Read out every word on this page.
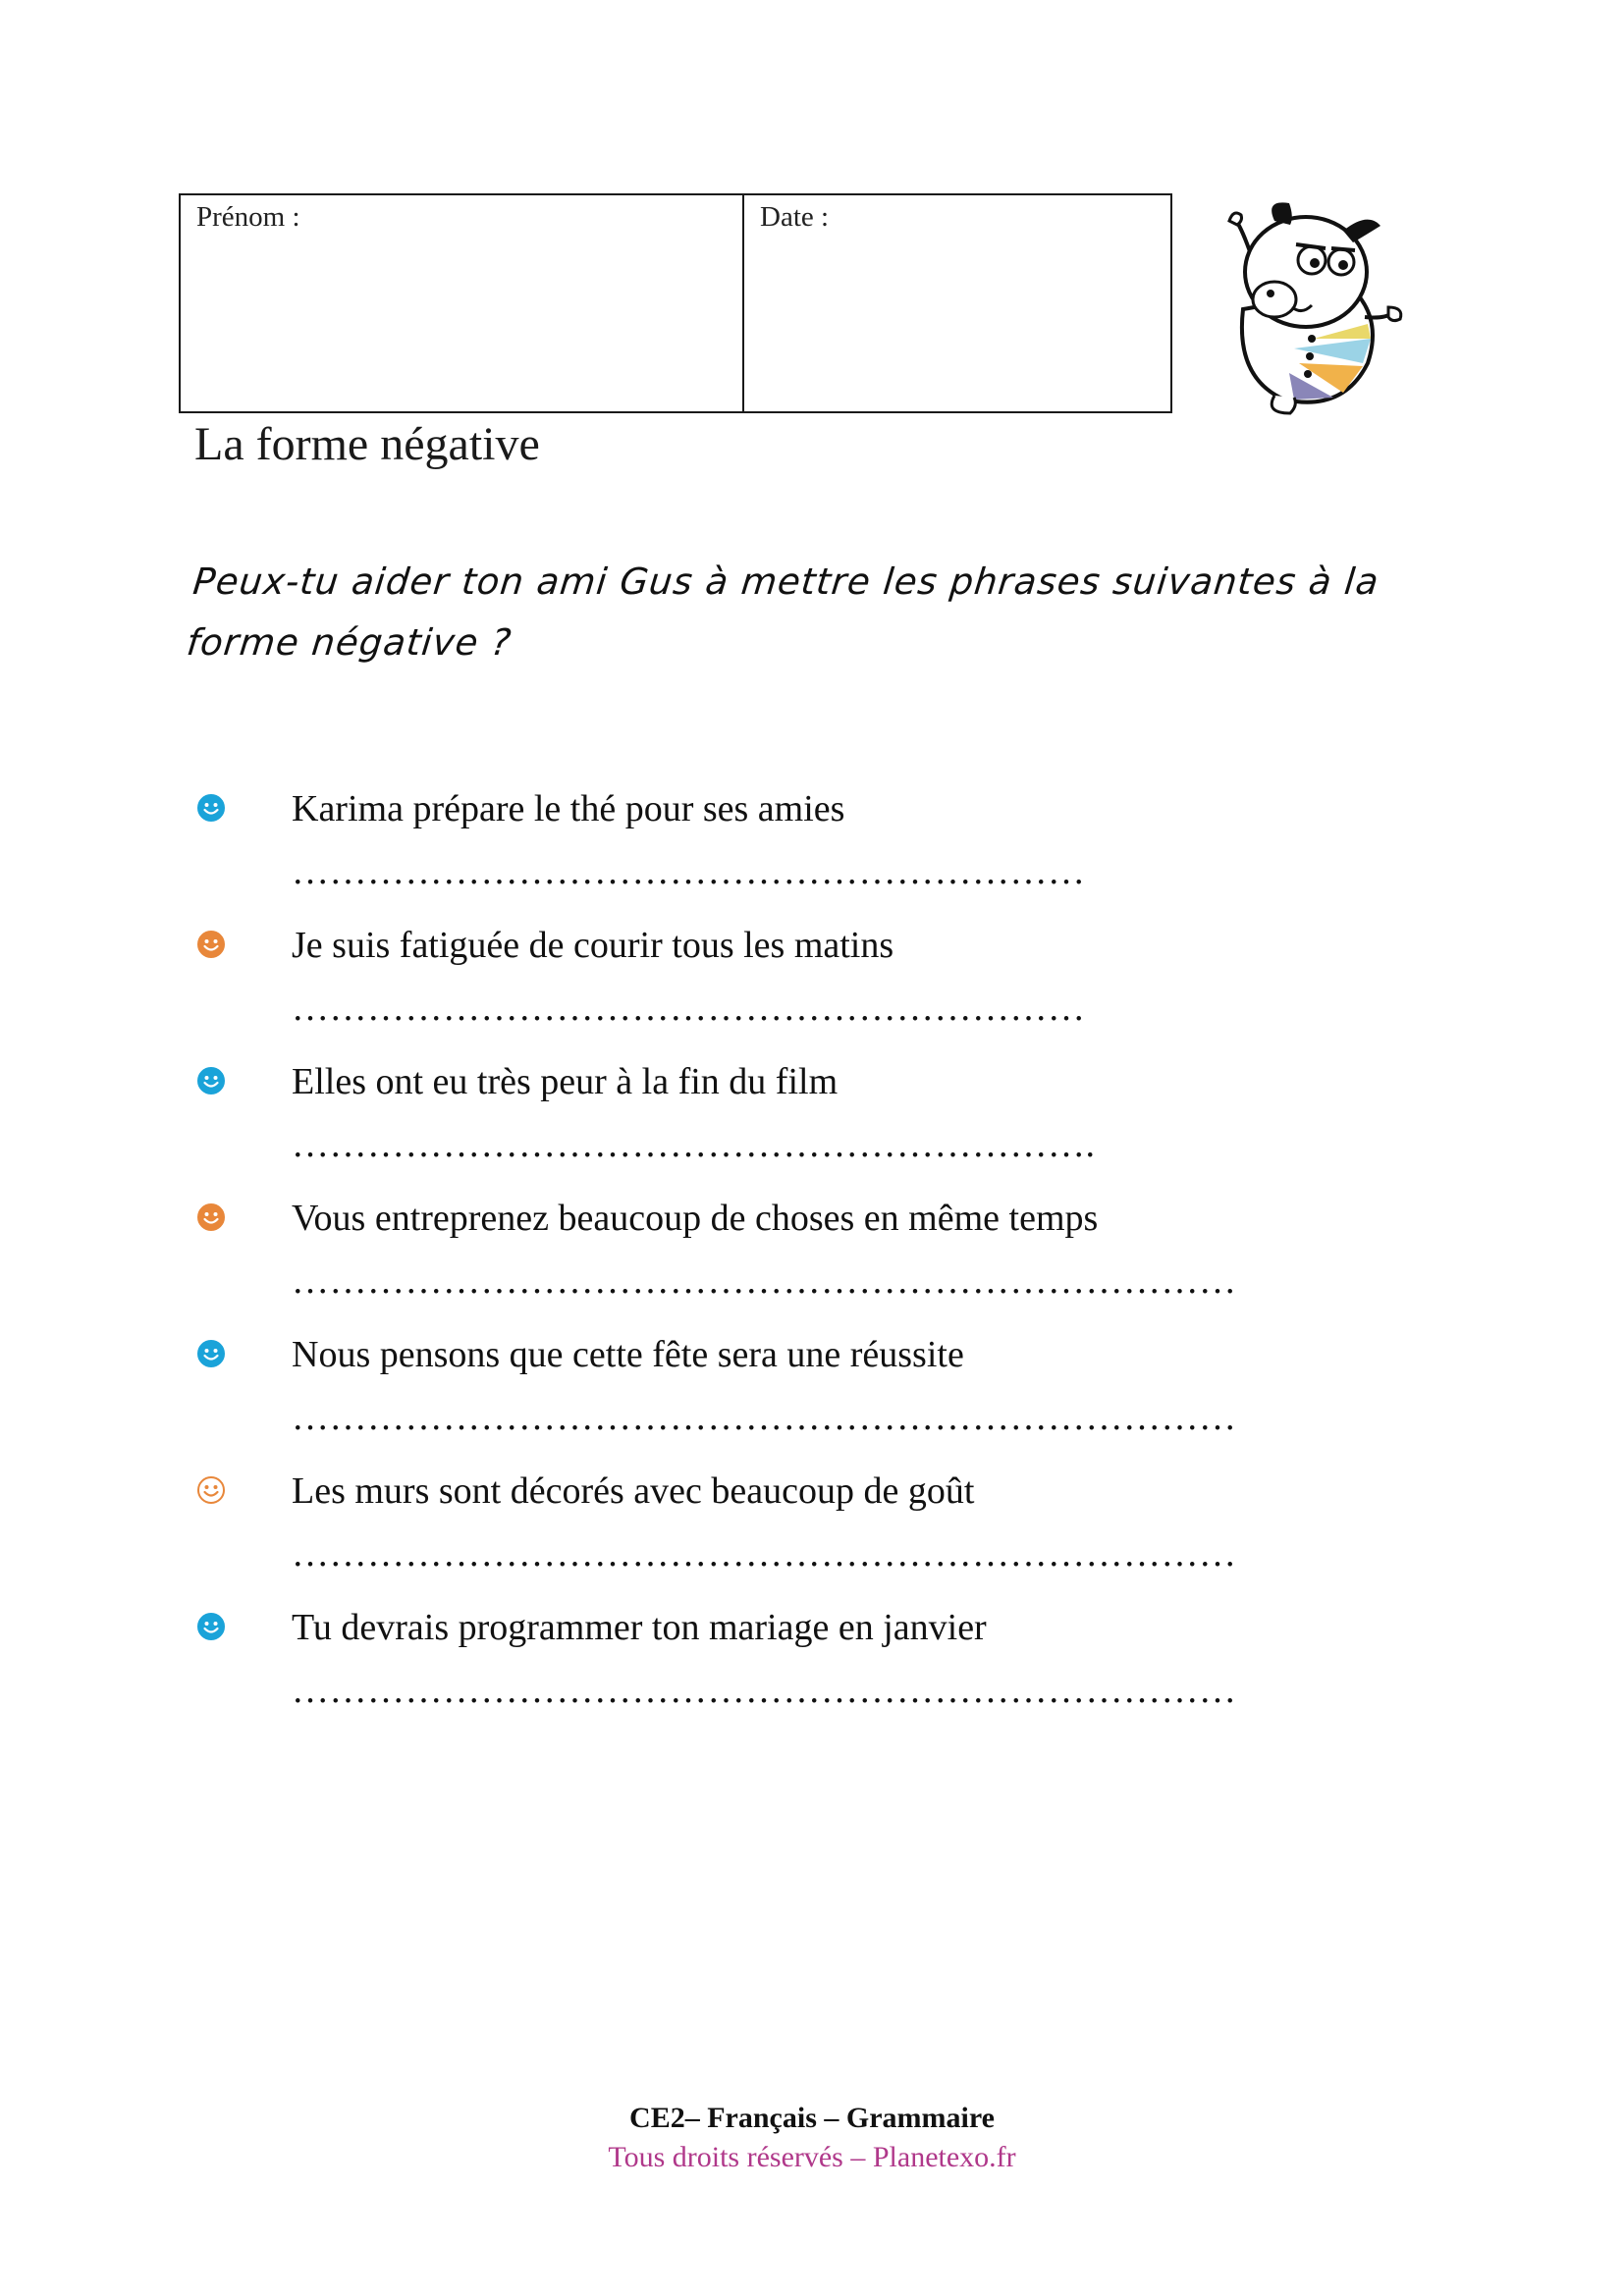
Prénom :	Date :
La forme négative
Peux-tu aider ton ami Gus à mettre les phrases suivantes à la forme négative ?
Karima prépare le thé pour ses amies
………………………………………………………
Je suis fatiguée de courir tous les matins
………………………………………………………
Elles ont eu très peur à la fin du film
……………………………………………………….
Vous entreprenez beaucoup de choses en même temps
…………………………………………………………………
Nous pensons que cette fête sera une réussite
…………………………………………………………………
Les murs sont décorés avec beaucoup de goût
…………………………………………………………………
Tu devrais programmer ton mariage en janvier
…………………………………………………………………
CE2– Français – Grammaire
Tous droits réservés – Planetexo.fr
